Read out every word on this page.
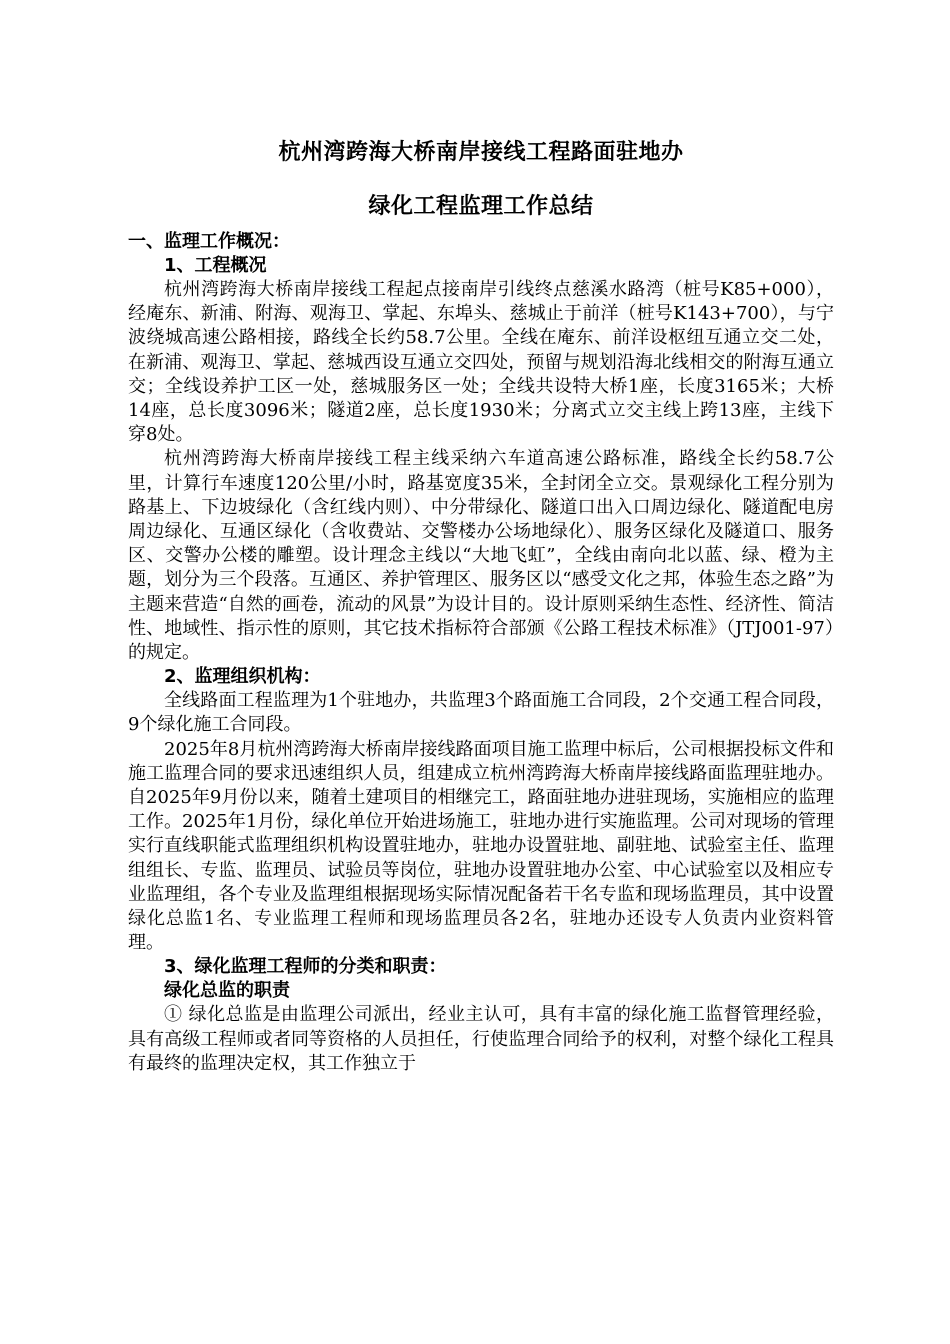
杭州湾跨海大桥南岸接线工程路面驻地办
绿化工程监理工作总结

一、监理工作概况：

1、工程概况

杭州湾跨海大桥南岸接线工程起点接南岸引线终点慈溪水路湾（桩号K85+000），经庵东、新浦、附海、观海卫、掌起、东埠头、慈城止于前洋（桩号K143+700），与宁波绕城高速公路相接，路线全长约58.7公里。全线在庵东、前洋设枢纽互通立交二处，在新浦、观海卫、掌起、慈城西设互通立交四处，预留与规划沿海北线相交的附海互通立交；全线设养护工区一处，慈城服务区一处；全线共设特大桥1座，长度3165米；大桥14座，总长度3096米；隧道2座，总长度1930米；分离式立交主线上跨13座，主线下穿8处。

杭州湾跨海大桥南岸接线工程主线采纳六车道高速公路标准，路线全长约58.7公里，计算行车速度120公里/小时，路基宽度35米，全封闭全立交。景观绿化工程分别为路基上、下边坡绿化（含红线内则）、中分带绿化、隧道口出入口周边绿化、隧道配电房周边绿化、互通区绿化（含收费站、交警楼办公场地绿化）、服务区绿化及隧道口、服务区、交警办公楼的雕塑。设计理念主线以“大地飞虹”，全线由南向北以蓝、绿、橙为主题，划分为三个段落。互通区、养护管理区、服务区以“感受文化之邦，体验生态之路”为主题来营造“自然的画卷，流动的风景”为设计目的。设计原则采纳生态性、经济性、简洁性、地域性、指示性的原则，其它技术指标符合部颁《公路工程技术标准》（JTJ001-97）的规定。

2、监理组织机构：

全线路面工程监理为1个驻地办，共监理3个路面施工合同段，2个交通工程合同段，9个绿化施工合同段。

2025年8月杭州湾跨海大桥南岸接线路面项目施工监理中标后，公司根据投标文件和施工监理合同的要求迅速组织人员，组建成立杭州湾跨海大桥南岸接线路面监理驻地办。自2025年9月份以来，随着土建项目的相继完工，路面驻地办进驻现场，实施相应的监理工作。2025年1月份，绿化单位开始进场施工，驻地办进行实施监理。公司对现场的管理实行直线职能式监理组织机构设置驻地办，驻地办设置驻地、副驻地、试验室主任、监理组组长、专监、监理员、试验员等岗位，驻地办设置驻地办公室、中心试验室以及相应专业监理组，各个专业及监理组根据现场实际情况配备若干名专监和现场监理员，其中设置绿化总监1名、专业监理工程师和现场监理员各2名，驻地办还设专人负责内业资料管理。

3、绿化监理工程师的分类和职责：

绿化总监的职责

① 绿化总监是由监理公司派出，经业主认可，具有丰富的绿化施工监督管理经验，具有高级工程师或者同等资格的人员担任，行使监理合同给予的权利，对整个绿化工程具有最终的监理决定权，其工作独立于
